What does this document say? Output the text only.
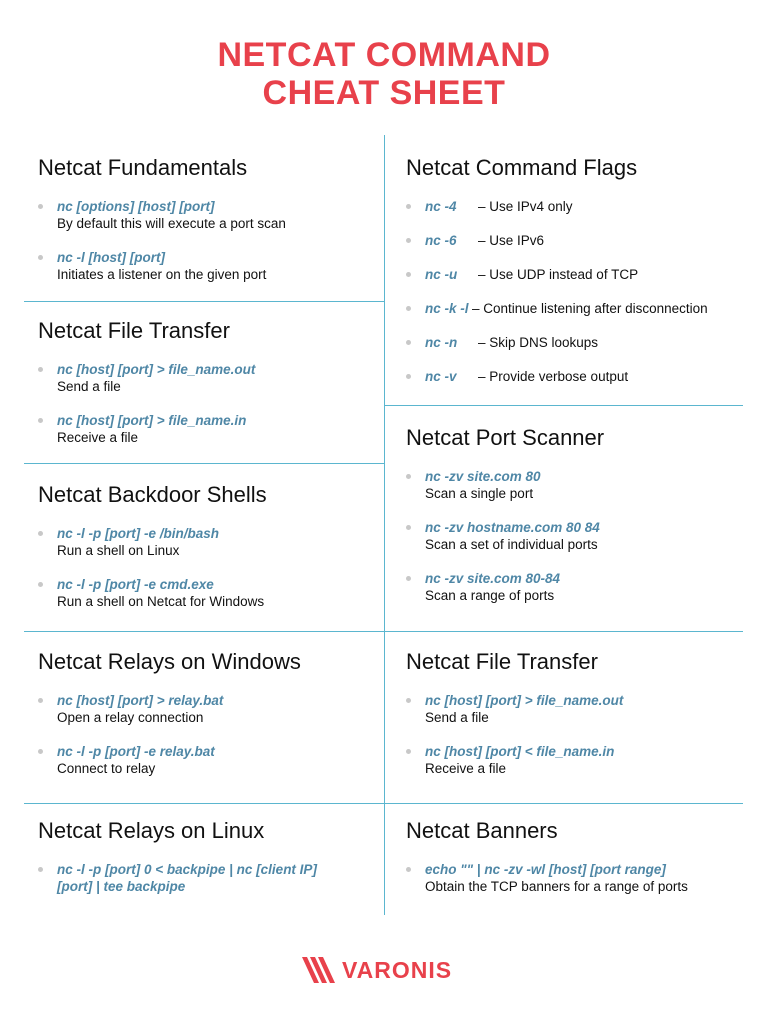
NETCAT COMMAND
CHEAT SHEET
Netcat Fundamentals
nc [options] [host] [port]
By default this will execute a port scan
nc -l [host] [port]
Initiates a listener on the given port
Netcat File Transfer
nc [host] [port] > file_name.out
Send a file
nc [host] [port] > file_name.in
Receive a file
Netcat Backdoor Shells
nc -l -p [port] -e /bin/bash
Run a shell on Linux
nc -l -p [port] -e cmd.exe
Run a shell on Netcat for Windows
Netcat Relays on Windows
nc [host] [port] > relay.bat
Open a relay connection
nc -l -p [port] -e relay.bat
Connect to relay
Netcat Relays on Linux
nc -l -p [port] 0 < backpipe | nc [client IP] [port] | tee backpipe
Netcat Command Flags
nc -4 – Use IPv4 only
nc -6 – Use IPv6
nc -u – Use UDP instead of TCP
nc -k -l – Continue listening after disconnection
nc -n – Skip DNS lookups
nc -v – Provide verbose output
Netcat Port Scanner
nc -zv site.com 80
Scan a single port
nc -zv hostname.com 80 84
Scan a set of individual ports
nc -zv site.com 80-84
Scan a range of ports
Netcat File Transfer
nc [host] [port] > file_name.out
Send a file
nc [host] [port] < file_name.in
Receive a file
Netcat Banners
echo "" | nc -zv -wl [host] [port range]
Obtain the TCP banners for a range of ports
VARONIS
